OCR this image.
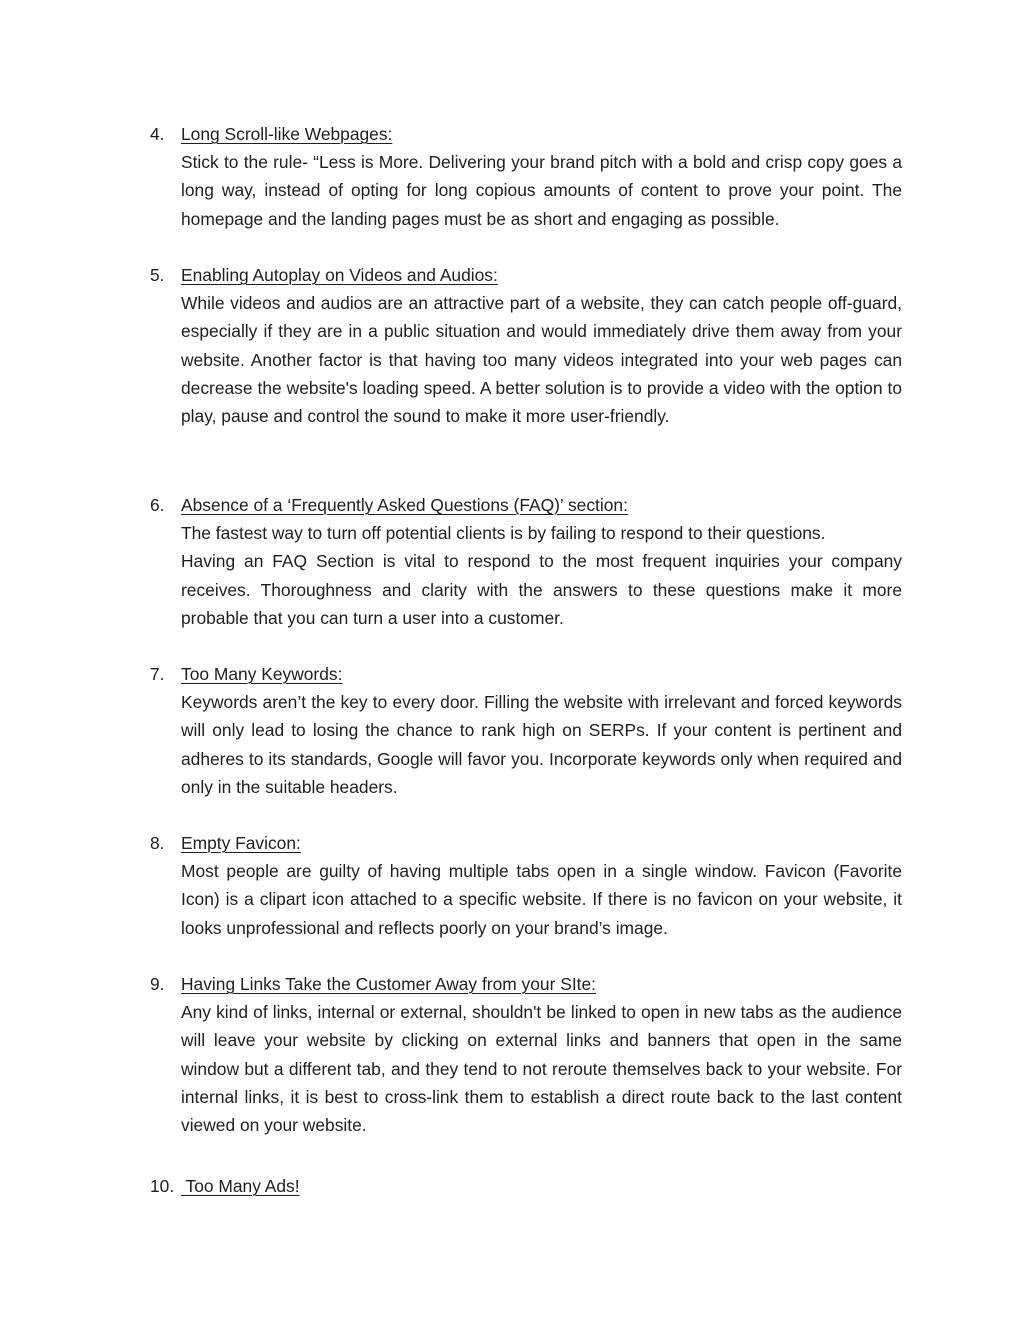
4. Long Scroll-like Webpages:

Stick to the rule- “Less is More. Delivering your brand pitch with a bold and crisp copy goes a long way, instead of opting for long copious amounts of content to prove your point. The homepage and the landing pages must be as short and engaging as possible.

5. Enabling Autoplay on Videos and Audios:

While videos and audios are an attractive part of a website, they can catch people off-guard, especially if they are in a public situation and would immediately drive them away from your website. Another factor is that having too many videos integrated into your web pages can decrease the website's loading speed. A better solution is to provide a video with the option to play, pause and control the sound to make it more user-friendly.

6. Absence of a ‘Frequently Asked Questions (FAQ)’ section:

The fastest way to turn off potential clients is by failing to respond to their questions.

Having an FAQ Section is vital to respond to the most frequent inquiries your company receives. Thoroughness and clarity with the answers to these questions make it more probable that you can turn a user into a customer.

7. Too Many Keywords:

Keywords aren’t the key to every door. Filling the website with irrelevant and forced keywords will only lead to losing the chance to rank high on SERPs. If your content is pertinent and adheres to its standards, Google will favor you. Incorporate keywords only when required and only in the suitable headers.

8. Empty Favicon:

Most people are guilty of having multiple tabs open in a single window. Favicon (Favorite Icon) is a clipart icon attached to a specific website. If there is no favicon on your website, it looks unprofessional and reflects poorly on your brand’s image.

9. Having Links Take the Customer Away from your SIte:

Any kind of links, internal or external, shouldn't be linked to open in new tabs as the audience will leave your website by clicking on external links and banners that open in the same window but a different tab, and they tend to not reroute themselves back to your website. For internal links, it is best to cross-link them to establish a direct route back to the last content viewed on your website.

10. Too Many Ads!
